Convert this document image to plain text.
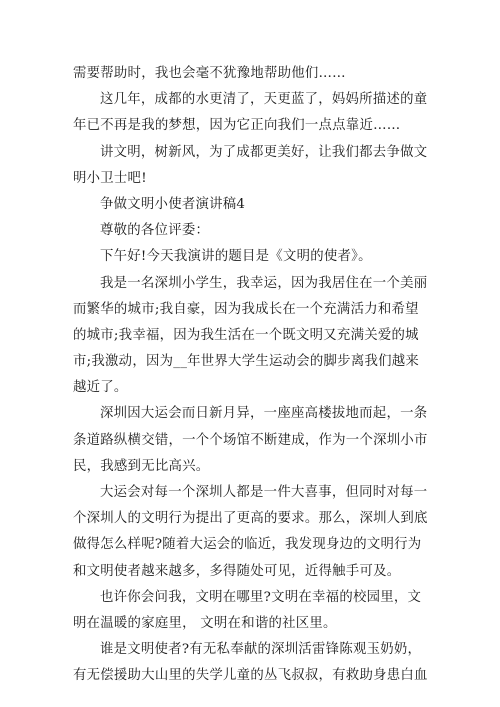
需要帮助时，我也会毫不犹豫地帮助他们……
这几年，成都的水更清了，天更蓝了，妈妈所描述的童
年已不再是我的梦想，因为它正向我们一点点靠近……
讲文明，树新风，为了成都更美好，让我们都去争做文
明小卫士吧!
争做文明小使者演讲稿4
尊敬的各位评委：
下午好!今天我演讲的题目是《文明的使者》。
我是一名深圳小学生，我幸运，因为我居住在一个美丽
而繁华的城市;我自豪，因为我成长在一个充满活力和希望
的城市;我幸福，因为我生活在一个既文明又充满关爱的城
市;我激动，因为__年世界大学生运动会的脚步离我们越来
越近了。
深圳因大运会而日新月异，一座座高楼拔地而起，一条
条道路纵横交错，一个个场馆不断建成，作为一个深圳小市
民，我感到无比高兴。
大运会对每一个深圳人都是一件大喜事，但同时对每一
个深圳人的文明行为提出了更高的要求。那么，深圳人到底
做得怎么样呢?随着大运会的临近，我发现身边的文明行为
和文明使者越来越多，多得随处可见，近得触手可及。
也许你会问我，文明在哪里?文明在幸福的校园里，文
明在温暖的家庭里， 文明在和谐的社区里。
谁是文明使者?有无私奉献的深圳活雷锋陈观玉奶奶，
有无偿援助大山里的失学儿童的丛飞叔叔，有救助身患白血
